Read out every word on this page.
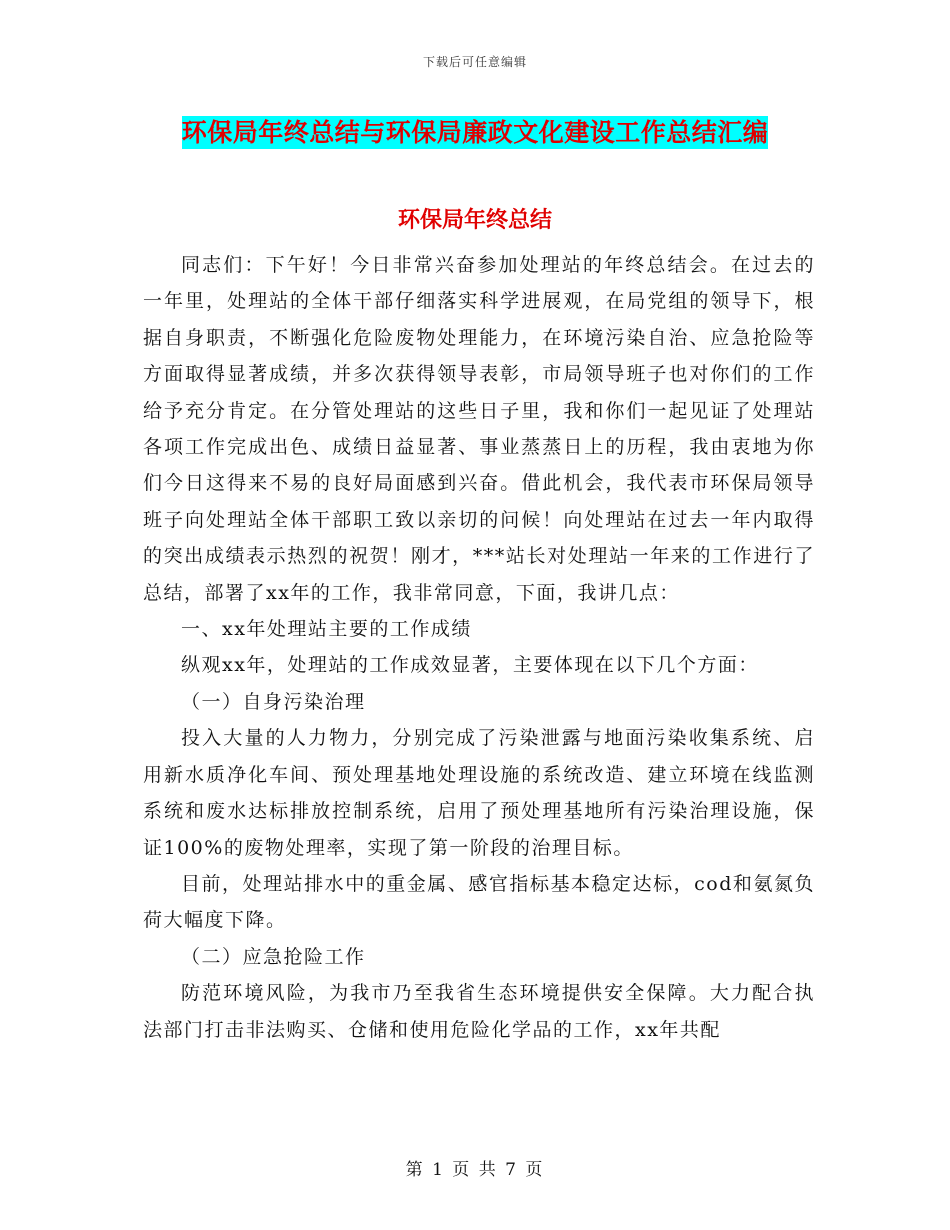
下载后可任意编辑
环保局年终总结与环保局廉政文化建设工作总结汇编
环保局年终总结

同志们：下午好！今日非常兴奋参加处理站的年终总结会。在过去的一年里，处理站的全体干部仔细落实科学进展观，在局党组的领导下，根据自身职责，不断强化危险废物处理能力，在环境污染自治、应急抢险等方面取得显著成绩，并多次获得领导表彰，市局领导班子也对你们的工作给予充分肯定。在分管处理站的这些日子里，我和你们一起见证了处理站各项工作完成出色、成绩日益显著、事业蒸蒸日上的历程，我由衷地为你们今日这得来不易的良好局面感到兴奋。借此机会，我代表市环保局领导班子向处理站全体干部职工致以亲切的问候！向处理站在过去一年内取得的突出成绩表示热烈的祝贺！刚才，***站长对处理站一年来的工作进行了总结，部署了xx年的工作，我非常同意，下面，我讲几点：

一、xx年处理站主要的工作成绩

纵观xx年，处理站的工作成效显著，主要体现在以下几个方面：

（一）自身污染治理

投入大量的人力物力，分别完成了污染泄露与地面污染收集系统、启用新水质净化车间、预处理基地处理设施的系统改造、建立环境在线监测系统和废水达标排放控制系统，启用了预处理基地所有污染治理设施，保证100%的废物处理率，实现了第一阶段的治理目标。

目前，处理站排水中的重金属、感官指标基本稳定达标，cod和氨氮负荷大幅度下降。

（二）应急抢险工作

防范环境风险，为我市乃至我省生态环境提供安全保障。大力配合执法部门打击非法购买、仓储和使用危险化学品的工作，xx年共配

第 1 页 共 7 页
